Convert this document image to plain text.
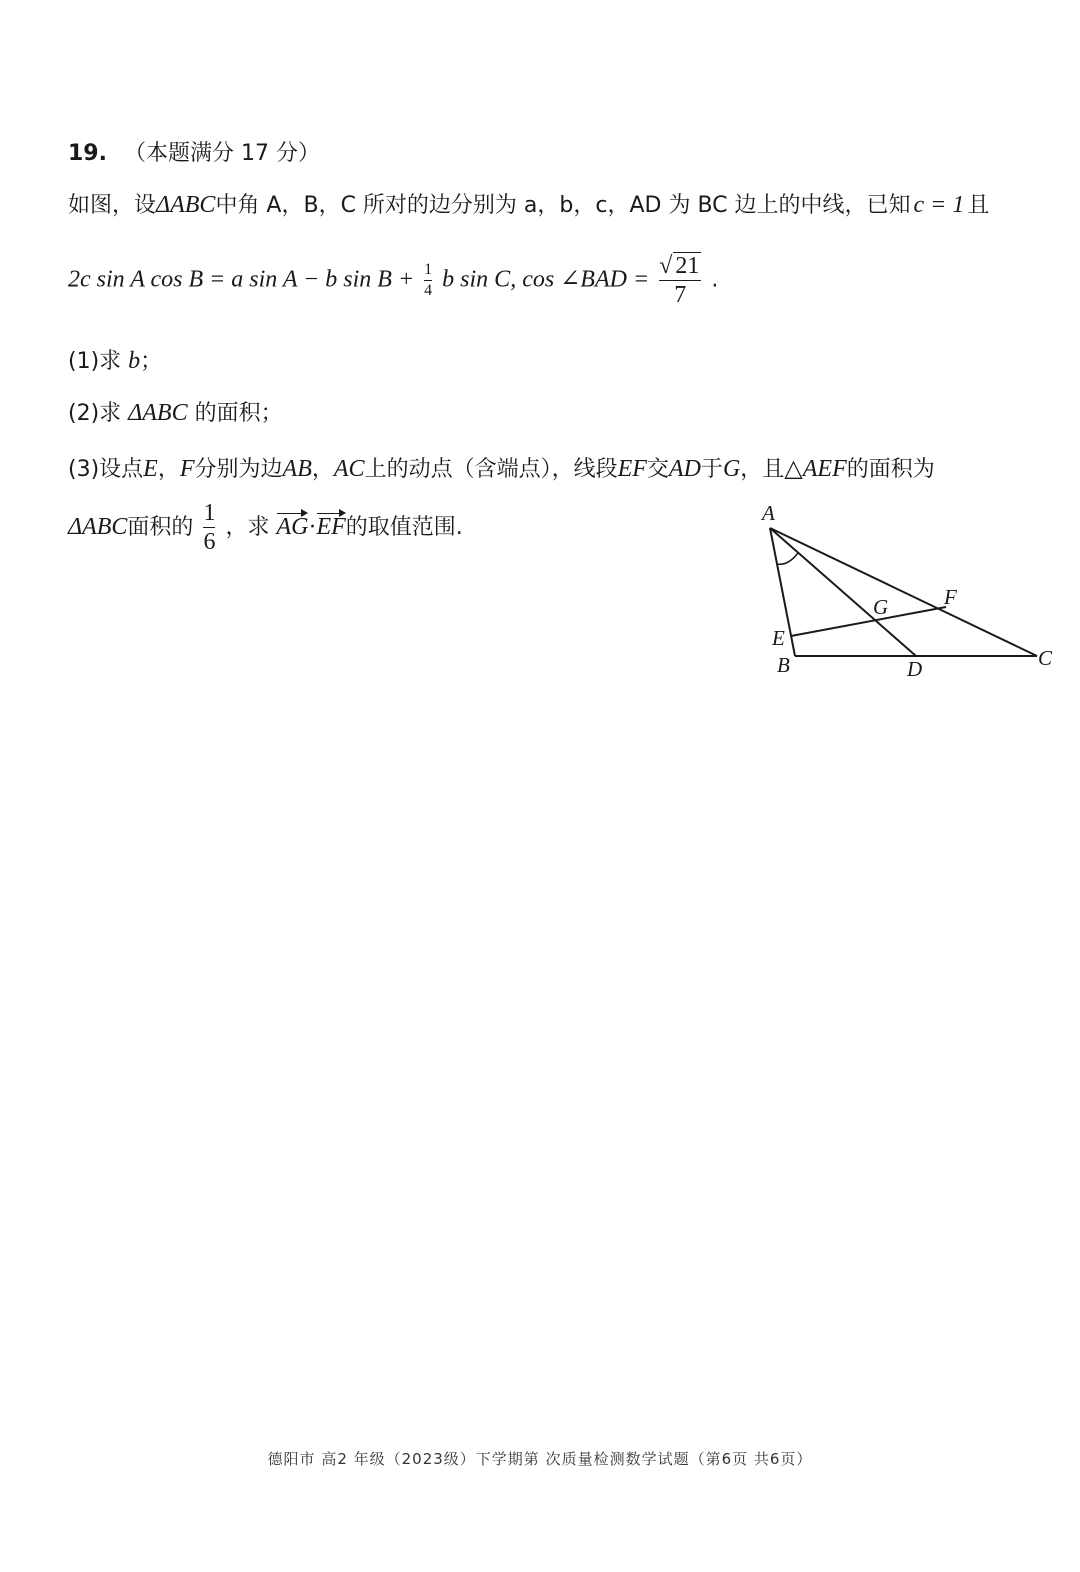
19. （本题满分 17 分）
如图，设ΔABC中角 A，B，C 所对的边分别为 a，b，c，AD 为 BC 边上的中线，已知 c = 1 且
2c sin A cos B = a sin A − b $\sin B + \frac{1}{4}$ b sin C, cos ∠BAD = $\frac{√ 21}{7}$ .
(1)求 b；
(2)求 ΔABC 的面积；
(3)设点E，F分别为边AB，AC上的动点（含端点），线段EF交AD于G，且△AEF的面积为
ΔABC面积的 $\frac{1}{6}$ ，求 AG·EF的取值范围.
A
B	C
D
E
F
G
德阳市 高2 年级（2023级）下学期第 次质量检测数学试题（第6页 共6页）
